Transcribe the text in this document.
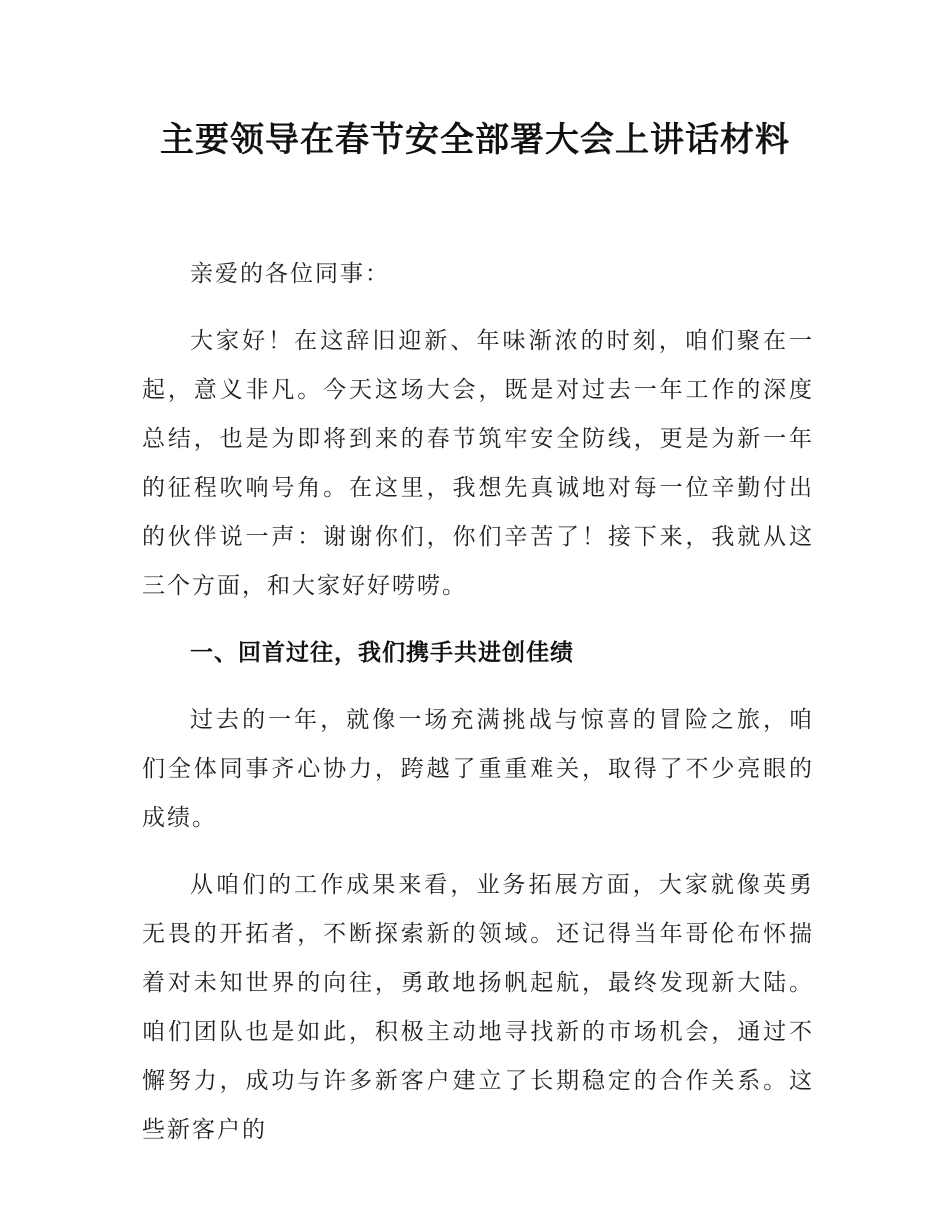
主要领导在春节安全部署大会上讲话材料

亲爱的各位同事：

大家好！在这辞旧迎新、年味渐浓的时刻，咱们聚在一起，意义非凡。今天这场大会，既是对过去一年工作的深度总结，也是为即将到来的春节筑牢安全防线，更是为新一年的征程吹响号角。在这里，我想先真诚地对每一位辛勤付出的伙伴说一声：谢谢你们，你们辛苦了！接下来，我就从这三个方面，和大家好好唠唠。

一、回首过往，我们携手共进创佳绩

过去的一年，就像一场充满挑战与惊喜的冒险之旅，咱们全体同事齐心协力，跨越了重重难关，取得了不少亮眼的成绩。

从咱们的工作成果来看，业务拓展方面，大家就像英勇无畏的开拓者，不断探索新的领域。还记得当年哥伦布怀揣着对未知世界的向往，勇敢地扬帆起航，最终发现新大陆。咱们团队也是如此，积极主动地寻找新的市场机会，通过不懈努力，成功与许多新客户建立了长期稳定的合作关系。这些新客户的
